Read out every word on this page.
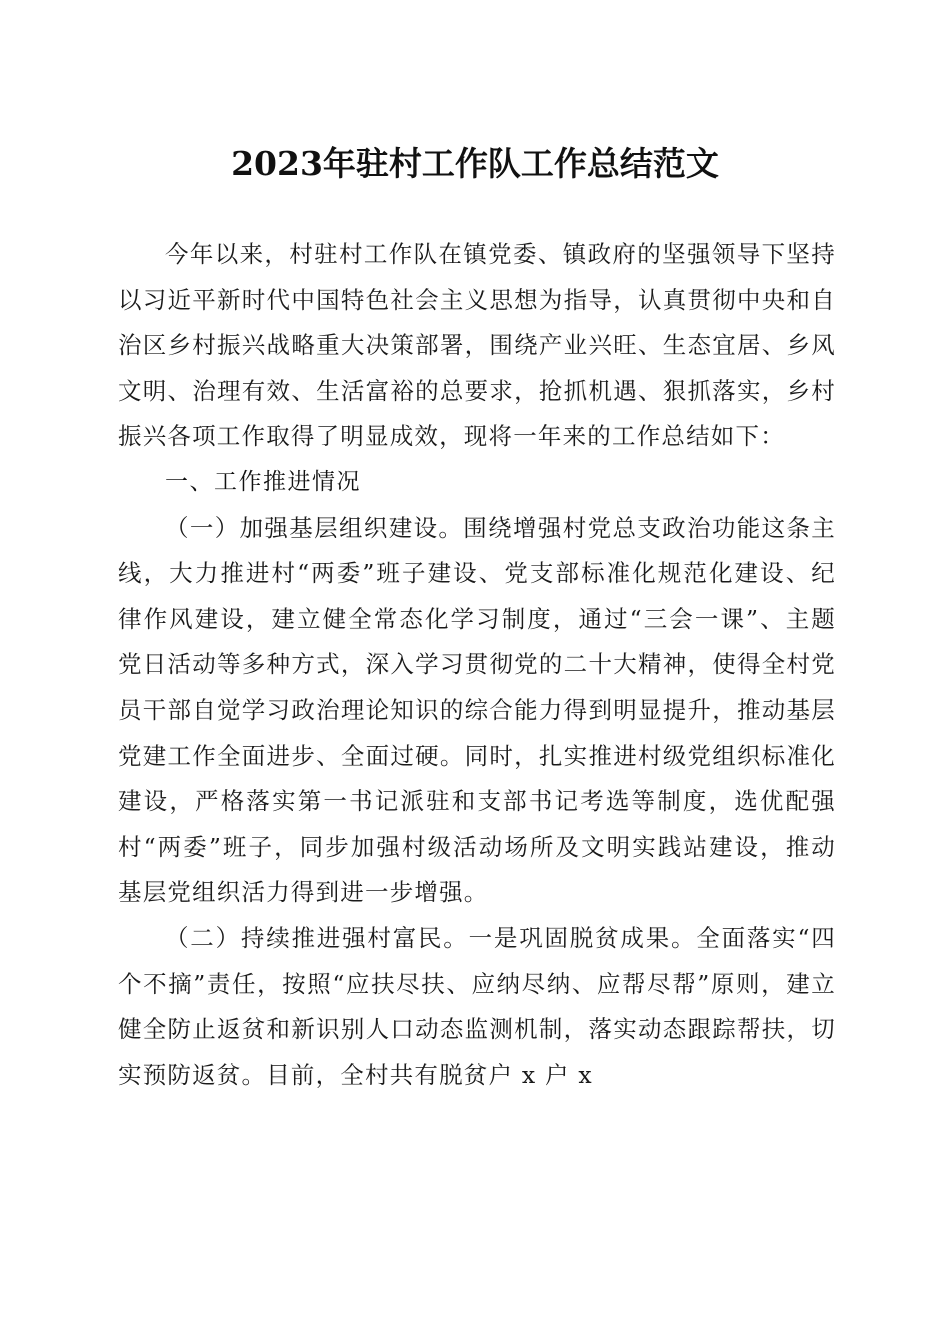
2023年驻村工作队工作总结范文

今年以来，村驻村工作队在镇党委、镇政府的坚强领导下坚持以习近平新时代中国特色社会主义思想为指导，认真贯彻中央和自治区乡村振兴战略重大决策部署，围绕产业兴旺、生态宜居、乡风文明、治理有效、生活富裕的总要求，抢抓机遇、狠抓落实，乡村振兴各项工作取得了明显成效，现将一年来的工作总结如下：

一、工作推进情况

（一）加强基层组织建设。围绕增强村党总支政治功能这条主线，大力推进村“两委”班子建设、党支部标准化规范化建设、纪律作风建设，建立健全常态化学习制度，通过“三会一课”、主题党日活动等多种方式，深入学习贯彻党的二十大精神，使得全村党员干部自觉学习政治理论知识的综合能力得到明显提升，推动基层党建工作全面进步、全面过硬。同时，扎实推进村级党组织标准化建设，严格落实第一书记派驻和支部书记考选等制度，选优配强村“两委”班子，同步加强村级活动场所及文明实践站建设，推动基层党组织活力得到进一步增强。

（二）持续推进强村富民。一是巩固脱贫成果。全面落实“四个不摘”责任，按照“应扶尽扶、应纳尽纳、应帮尽帮”原则，建立健全防止返贫和新识别人口动态监测机制，落实动态跟踪帮扶，切实预防返贫。目前，全村共有脱贫户 x 户 x
